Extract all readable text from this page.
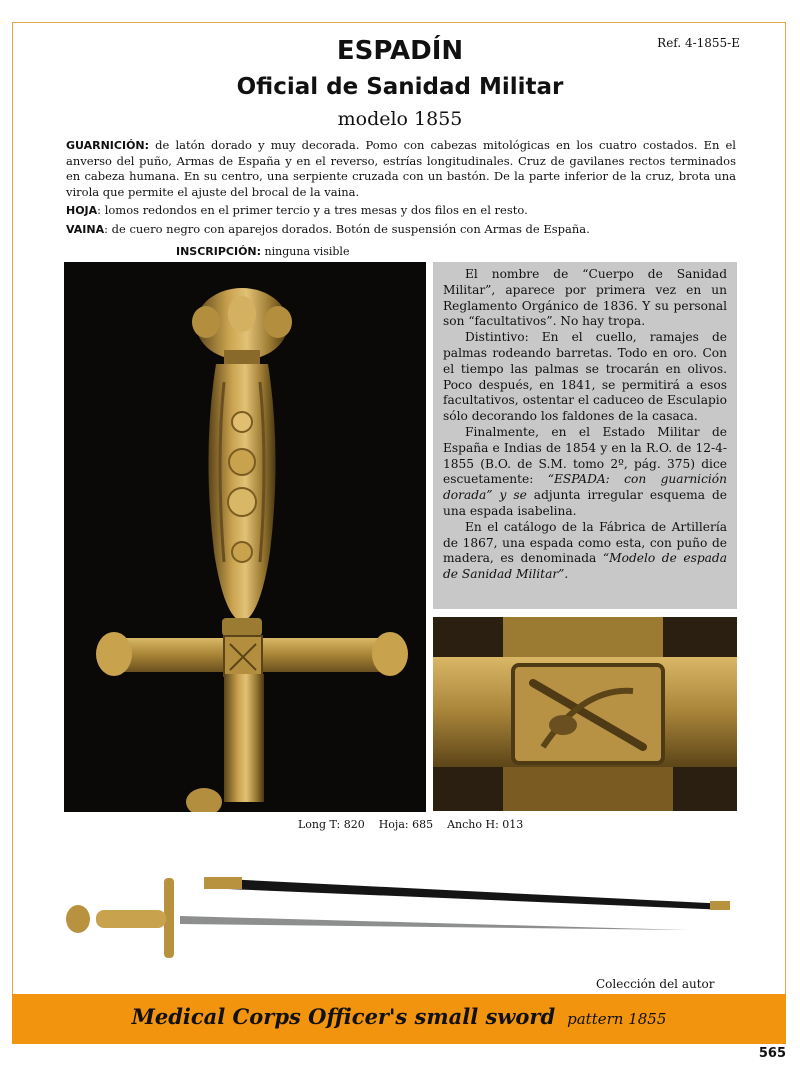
Ref. 4-1855-E
ESPADÍN
Oficial de Sanidad Militar
modelo 1855

GUARNICIÓN: de latón dorado y muy decorada. Pomo con cabezas mitológicas en los cuatro costados. En el anverso del puño, Armas de España y en el reverso, estrías longitudinales. Cruz de gavilanes rectos terminados en cabeza humana. En su centro, una serpiente cruzada con un bastón. De la parte inferior de la cruz, brota una virola que permite el ajuste del brocal de la vaina.

HOJA: lomos redondos en el primer tercio y a tres mesas y dos filos en el resto.

VAINA: de cuero negro con aparejos dorados. Botón de suspensión con Armas de España.

INSCRIPCIÓN: ninguna visible

El nombre de “Cuerpo de Sanidad Militar”, aparece por primera vez en un Reglamento Orgánico de 1836. Y su personal son “facultativos”. No hay tropa.

Distintivo: En el cuello, ramajes de palmas rodeando barretas. Todo en oro. Con el tiempo las palmas se trocarán en olivos. Poco después, en 1841, se permitirá a esos facultativos, ostentar el caduceo de Esculapio sólo decorando los faldones de la casaca.

Finalmente, en el Estado Militar de España e Indias de 1854 y en la R.O. de 12-4-1855 (B.O. de S.M. tomo 2º, pág. 375) dice escuetamente: “ESPADA: con guarnición dorada” y se adjunta irregular esquema de una espada isabelina.

En el catálogo de la Fábrica de Artillería de 1867, una espada como esta, con puño de madera, es denominada “Modelo de espada de Sanidad Militar”.

Long T: 820 Hoja: 685 Ancho H: 013
Colección del autor
Medical Corps Officer's small sword pattern 1855
565
